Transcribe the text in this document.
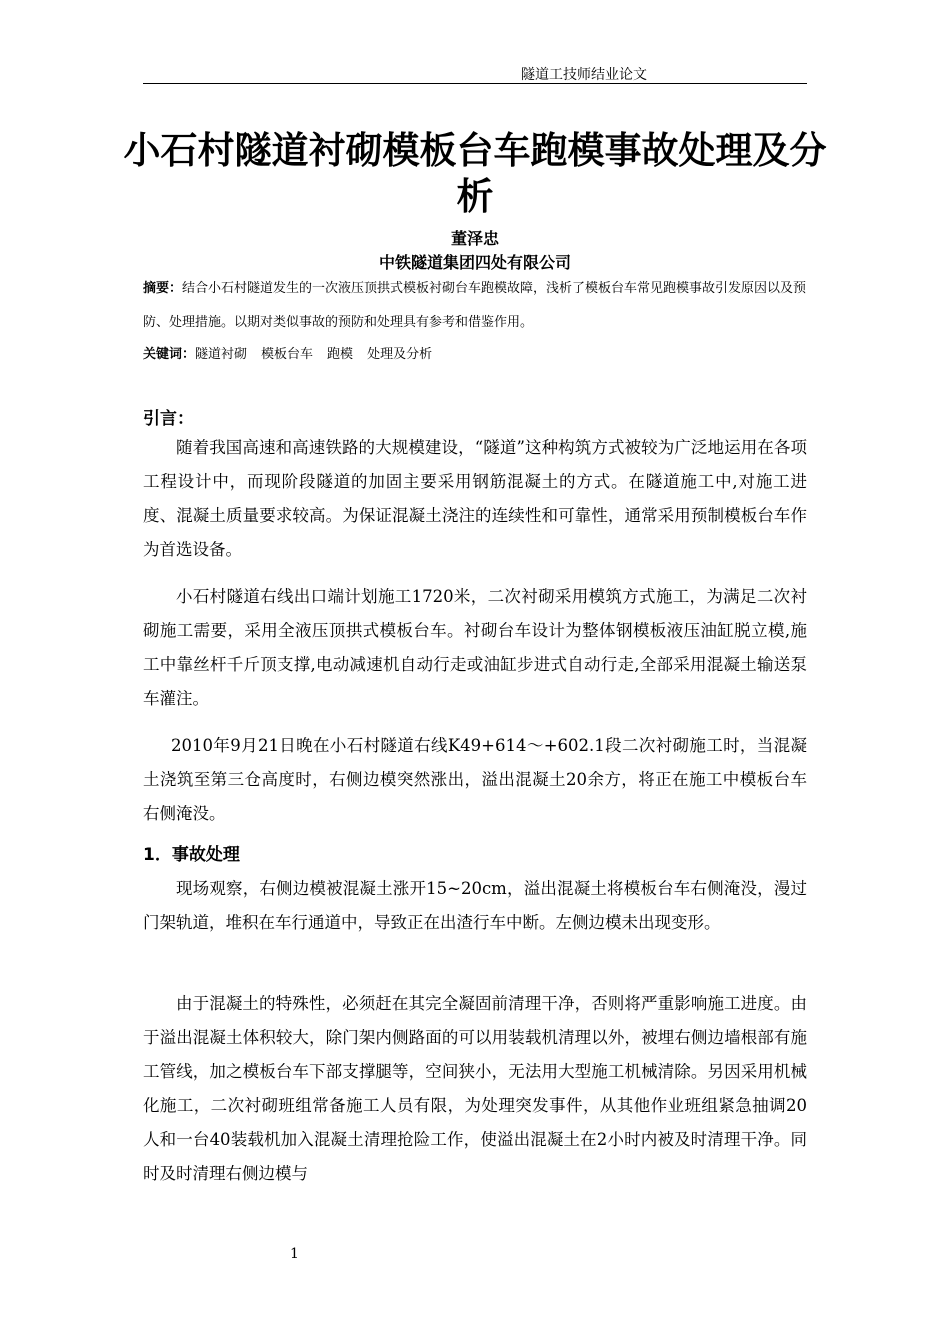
隧道工技师结业论文
小石村隧道衬砌模板台车跑模事故处理及分析
董泽忠
中铁隧道集团四处有限公司
摘要：结合小石村隧道发生的一次液压顶拱式模板衬砌台车跑模故障，浅析了模板台车常见跑模事故引发原因以及预防、处理措施。以期对类似事故的预防和处理具有参考和借鉴作用。
关键词：隧道衬砌 模板台车 跑模 处理及分析
引言：

随着我国高速和高速铁路的大规模建设，“隧道”这种构筑方式被较为广泛地运用在各项工程设计中，而现阶段隧道的加固主要采用钢筋混凝土的方式。在隧道施工中,对施工进度、混凝土质量要求较高。为保证混凝土浇注的连续性和可靠性，通常采用预制模板台车作为首选设备。

小石村隧道右线出口端计划施工1720米，二次衬砌采用模筑方式施工，为满足二次衬砌施工需要，采用全液压顶拱式模板台车。衬砌台车设计为整体钢模板液压油缸脱立模,施工中靠丝杆千斤顶支撑,电动减速机自动行走或油缸步进式自动行走,全部采用混凝土输送泵车灌注。

2010年9月21日晚在小石村隧道右线K49+614～+602.1段二次衬砌施工时，当混凝土浇筑至第三仓高度时，右侧边模突然涨出，溢出混凝土20余方，将正在施工中模板台车右侧淹没。

1．事故处理

现场观察，右侧边模被混凝土涨开15~20cm，溢出混凝土将模板台车右侧淹没，漫过门架轨道，堆积在车行通道中，导致正在出渣行车中断。左侧边模未出现变形。

由于混凝土的特殊性，必须赶在其完全凝固前清理干净，否则将严重影响施工进度。由于溢出混凝土体积较大，除门架内侧路面的可以用装载机清理以外，被埋右侧边墙根部有施工管线，加之模板台车下部支撑腿等，空间狭小，无法用大型施工机械清除。另因采用机械化施工，二次衬砌班组常备施工人员有限，为处理突发事件，从其他作业班组紧急抽调20人和一台40装载机加入混凝土清理抢险工作，使溢出混凝土在2小时内被及时清理干净。同时及时清理右侧边模与

1
